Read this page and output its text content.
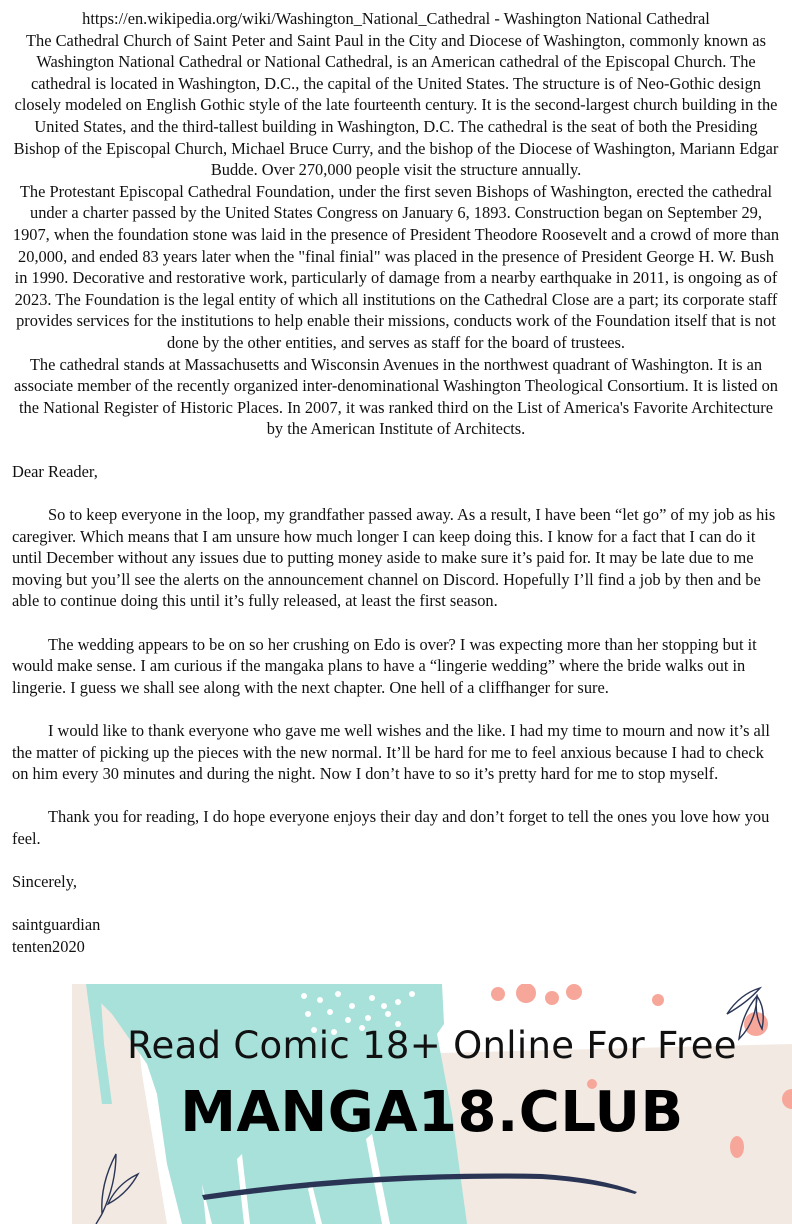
https://en.wikipedia.org/wiki/Washington_National_Cathedral - Washington National Cathedral

The Cathedral Church of Saint Peter and Saint Paul in the City and Diocese of Washington, commonly known as Washington National Cathedral or National Cathedral, is an American cathedral of the Episcopal Church. The cathedral is located in Washington, D.C., the capital of the United States. The structure is of Neo-Gothic design closely modeled on English Gothic style of the late fourteenth century. It is the second-largest church building in the United States, and the third-tallest building in Washington, D.C. The cathedral is the seat of both the Presiding Bishop of the Episcopal Church, Michael Bruce Curry, and the bishop of the Diocese of Washington, Mariann Edgar Budde. Over 270,000 people visit the structure annually.

The Protestant Episcopal Cathedral Foundation, under the first seven Bishops of Washington, erected the cathedral under a charter passed by the United States Congress on January 6, 1893. Construction began on September 29, 1907, when the foundation stone was laid in the presence of President Theodore Roosevelt and a crowd of more than 20,000, and ended 83 years later when the "final finial" was placed in the presence of President George H. W. Bush in 1990. Decorative and restorative work, particularly of damage from a nearby earthquake in 2011, is ongoing as of 2023. The Foundation is the legal entity of which all institutions on the Cathedral Close are a part; its corporate staff provides services for the institutions to help enable their missions, conducts work of the Foundation itself that is not done by the other entities, and serves as staff for the board of trustees.

The cathedral stands at Massachusetts and Wisconsin Avenues in the northwest quadrant of Washington. It is an associate member of the recently organized inter-denominational Washington Theological Consortium. It is listed on the National Register of Historic Places. In 2007, it was ranked third on the List of America's Favorite Architecture by the American Institute of Architects.

Dear Reader,

So to keep everyone in the loop, my grandfather passed away. As a result, I have been “let go” of my job as his caregiver. Which means that I am unsure how much longer I can keep doing this. I know for a fact that I can do it until December without any issues due to putting money aside to make sure it’s paid for. It may be late due to me moving but you’ll see the alerts on the announcement channel on Discord. Hopefully I’ll find a job by then and be able to continue doing this until it’s fully released, at least the first season.

The wedding appears to be on so her crushing on Edo is over? I was expecting more than her stopping but it would make sense. I am curious if the mangaka plans to have a “lingerie wedding” where the bride walks out in lingerie. I guess we shall see along with the next chapter. One hell of a cliffhanger for sure.

I would like to thank everyone who gave me well wishes and the like. I had my time to mourn and now it’s all the matter of picking up the pieces with the new normal. It’ll be hard for me to feel anxious because I had to check on him every 30 minutes and during the night. Now I don’t have to so it’s pretty hard for me to stop myself.

Thank you for reading, I do hope everyone enjoys their day and don’t forget to tell the ones you love how you feel.

Sincerely,

saintguardian
tenten2020

Read Comic 18+ Online For Free
MANGA18.CLUB
